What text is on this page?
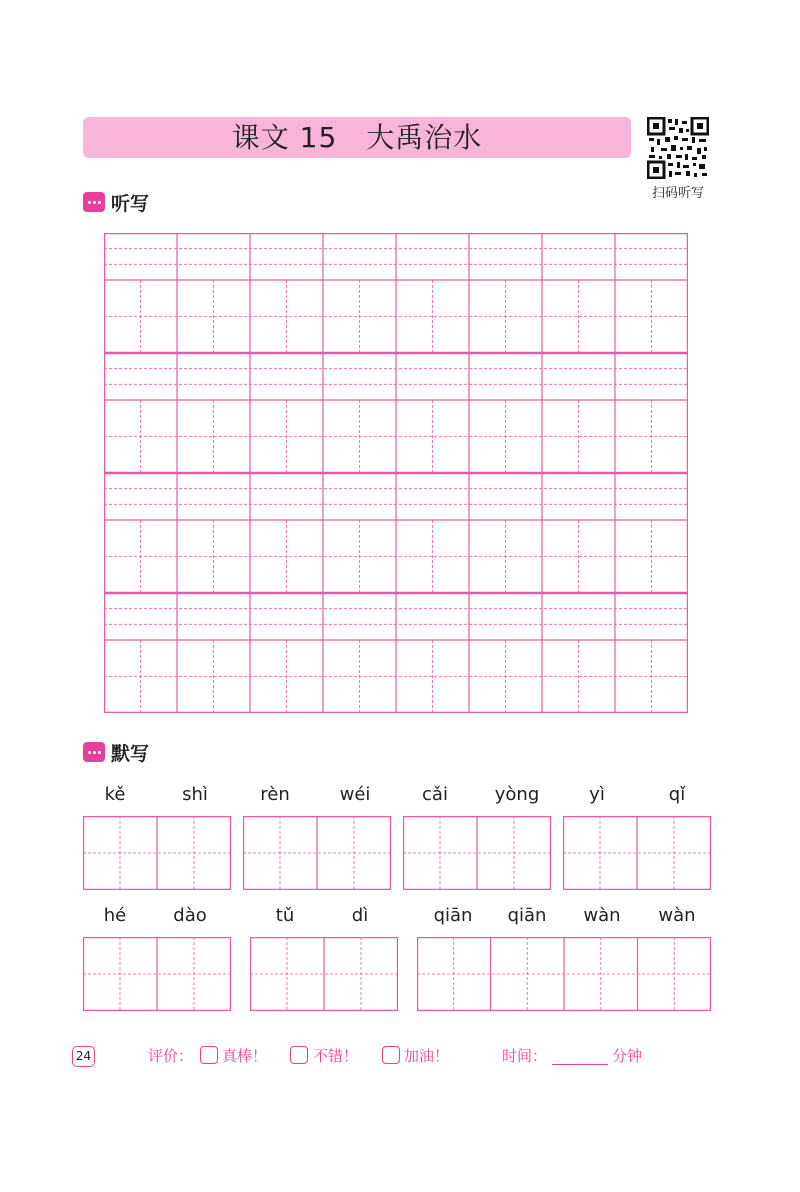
课文 15　大禹治水
扫码听写
听写
默写
kě	shì	rèn	wéi	cǎi	yòng	yì	qǐ
hé	dào	tǔ	dì	qiān	qiān	wàn	wàn
24	评价： 真棒！	不错！	加油！	时间：	分钟
